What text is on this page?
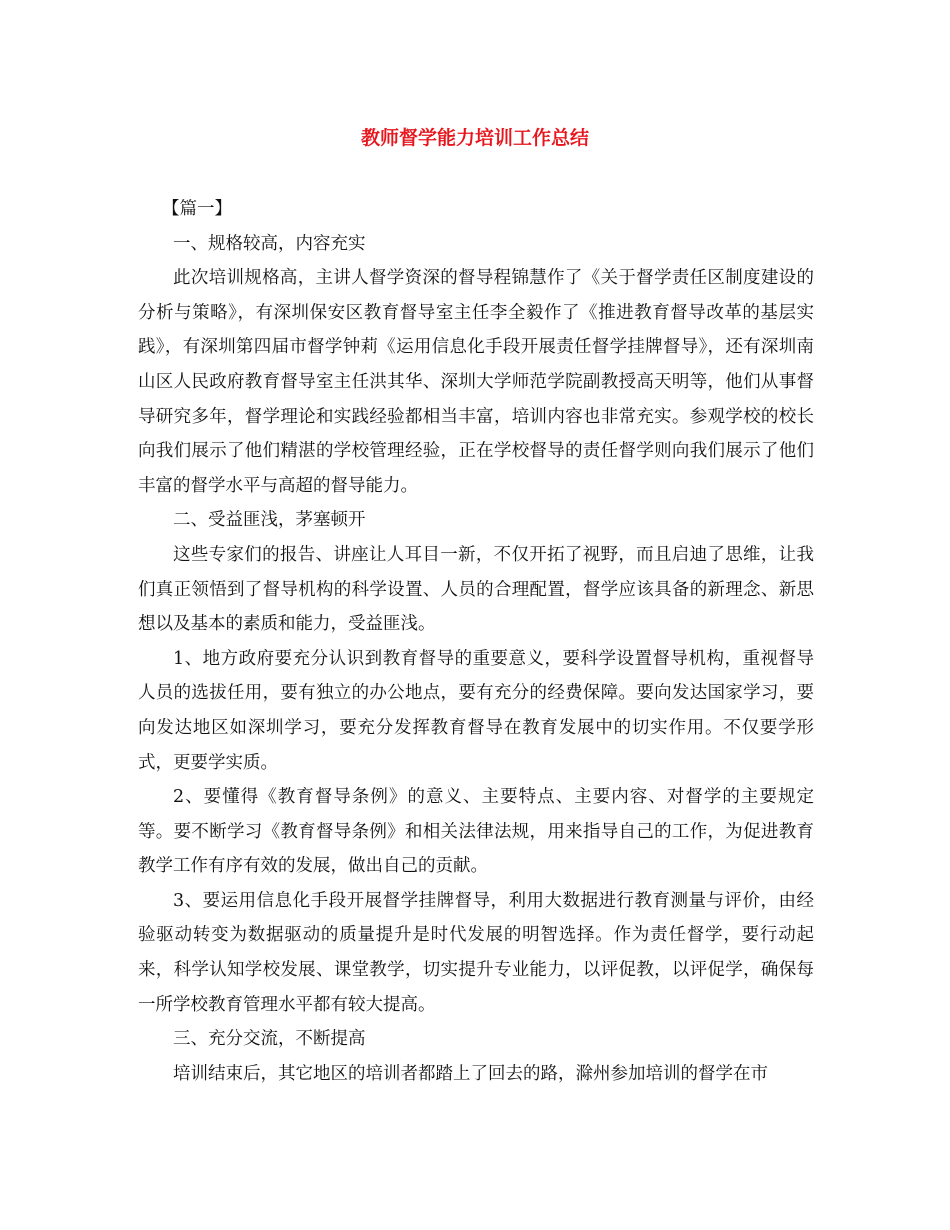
教师督学能力培训工作总结

【篇一】

一、规格较高，内容充实

此次培训规格高，主讲人督学资深的督导程锦慧作了《关于督学责任区制度建设的分析与策略》，有深圳保安区教育督导室主任李全毅作了《推进教育督导改革的基层实践》，有深圳第四届市督学钟莉《运用信息化手段开展责任督学挂牌督导》，还有深圳南山区人民政府教育督导室主任洪其华、深圳大学师范学院副教授高天明等，他们从事督导研究多年，督学理论和实践经验都相当丰富，培训内容也非常充实。参观学校的校长向我们展示了他们精湛的学校管理经验，正在学校督导的责任督学则向我们展示了他们丰富的督学水平与高超的督导能力。

二、受益匪浅，茅塞顿开

这些专家们的报告、讲座让人耳目一新，不仅开拓了视野，而且启迪了思维，让我们真正领悟到了督导机构的科学设置、人员的合理配置，督学应该具备的新理念、新思想以及基本的素质和能力，受益匪浅。

1、地方政府要充分认识到教育督导的重要意义，要科学设置督导机构，重视督导人员的选拔任用，要有独立的办公地点，要有充分的经费保障。要向发达国家学习，要向发达地区如深圳学习，要充分发挥教育督导在教育发展中的切实作用。不仅要学形式，更要学实质。

2、要懂得《教育督导条例》的意义、主要特点、主要内容、对督学的主要规定等。要不断学习《教育督导条例》和相关法律法规，用来指导自己的工作，为促进教育教学工作有序有效的发展，做出自己的贡献。

3、要运用信息化手段开展督学挂牌督导，利用大数据进行教育测量与评价，由经验驱动转变为数据驱动的质量提升是时代发展的明智选择。作为责任督学，要行动起来，科学认知学校发展、课堂教学，切实提升专业能力，以评促教，以评促学，确保每一所学校教育管理水平都有较大提高。

三、充分交流，不断提高

培训结束后，其它地区的培训者都踏上了回去的路，滁州参加培训的督学在市
